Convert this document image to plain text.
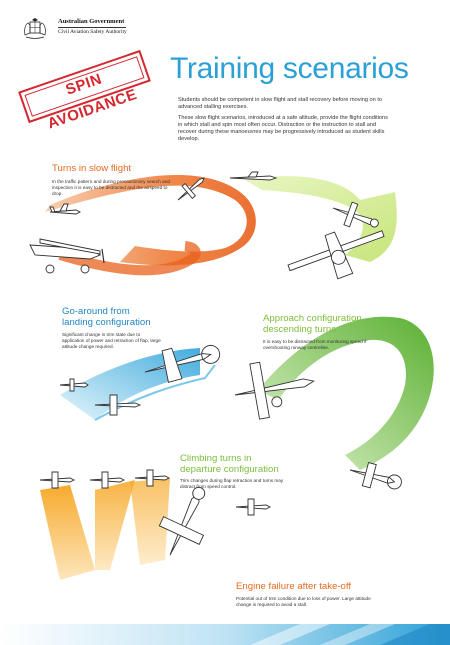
Australian Government
Civil Aviation Safety Authority
SPIN AVOIDANCE
Training scenarios

Students should be competent in slow flight and stall recovery before moving on to advanced stalling exercises.

These slow flight scenarios, introduced at a safe altitude, provide the flight conditions in which stall and spin most often occur. Distraction or the instruction to stall and recover during these manoeuvres may be progressively introduced as student skills develop.

Turns in slow flight
In the traffic pattern and during precautionary search and inspection it is easy to be distracted and the airspeed to drop.
Go-around from
landing configuration
Significant change in trim state due to application of power and retraction of flap, large attitude change required.
Approach configuration
descending turns
It is easy to be distracted from monitoring speed if overshooting runway centreline.
Climbing turns in
departure configuration
Trim changes during flap retraction and turns may distract from speed control.
Engine failure after take-off
Potential out of trim condition due to loss of power. Large attitude change is required to avoid a stall.
